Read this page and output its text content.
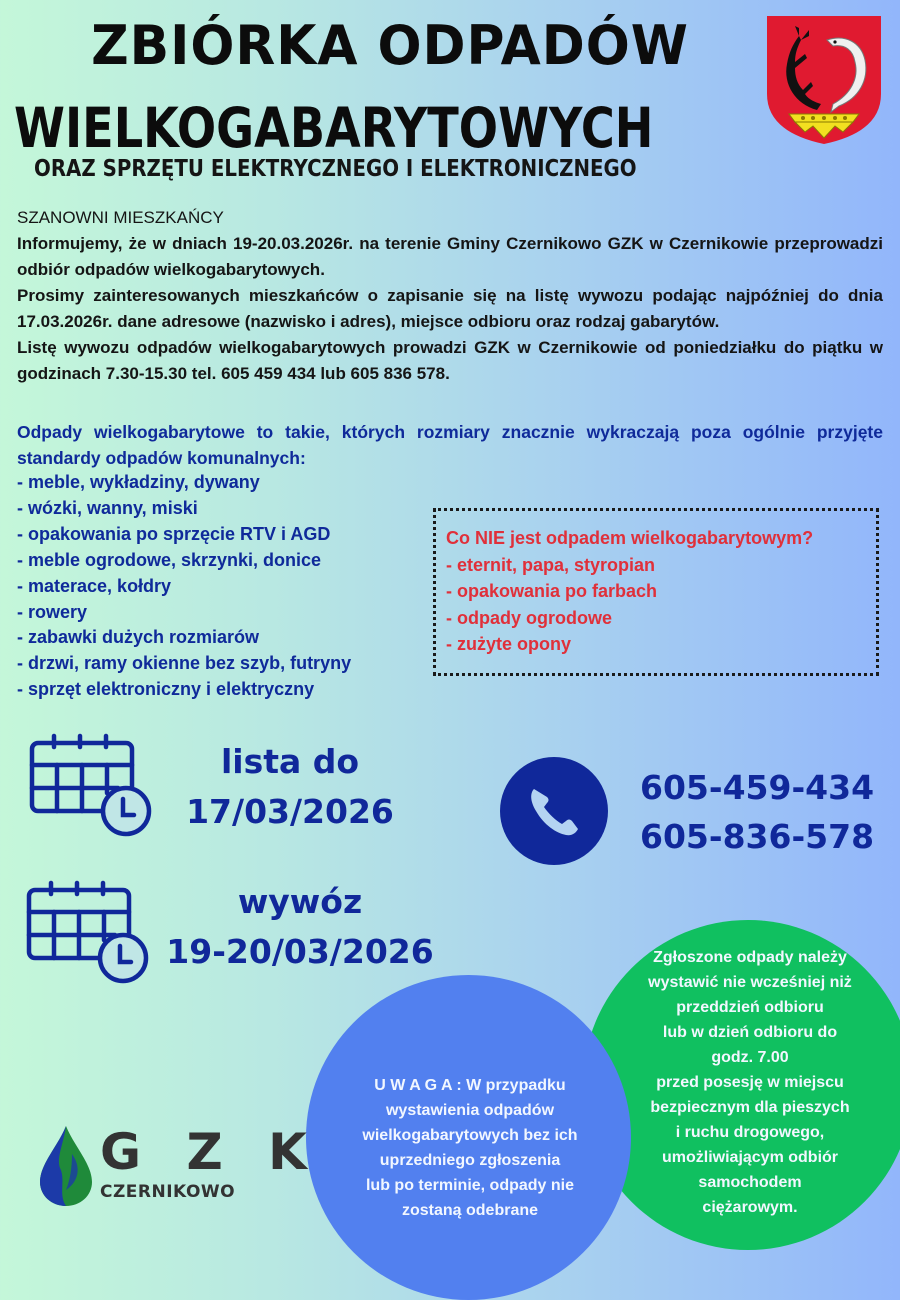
ZBIÓRKA ODPADÓW
WIELKOGABARYTOWYCH
ORAZ SPRZĘTU ELEKTRYCZNEGO I ELEKTRONICZNEGO

SZANOWNI MIESZKAŃCY

Informujemy, że w dniach 19-20.03.2026r. na terenie Gminy Czernikowo GZK w Czernikowie przeprowadzi odbiór odpadów wielkogabarytowych.

Prosimy zainteresowanych mieszkańców o zapisanie się na listę wywozu podając najpóźniej do dnia 17.03.2026r. dane adresowe (nazwisko i adres), miejsce odbioru oraz rodzaj gabarytów.

Listę wywozu odpadów wielkogabarytowych prowadzi GZK w Czernikowie od poniedziałku do piątku w godzinach 7.30-15.30 tel. 605 459 434 lub 605 836 578.

Odpady wielkogabarytowe to takie, których rozmiary znacznie wykraczają poza ogólnie przyjęte standardy odpadów komunalnych:
- meble, wykładziny, dywany
- wózki, wanny, miski
- opakowania po sprzęcie RTV i AGD
- meble ogrodowe, skrzynki, donice
- materace, kołdry
- rowery
- zabawki dużych rozmiarów
- drzwi, ramy okienne bez szyb, futryny
- sprzęt elektroniczny i elektryczny
Co NIE jest odpadem wielkogabarytowym?
- eternit, papa, styropian
- opakowania po farbach
- odpady ogrodowe
- zużyte opony
lista do
17/03/2026
wywóz
19-20/03/2026
605-459-434
605-836-578
Zgłoszone odpady należy
wystawić nie wcześniej niż
przeddzień odbioru
lub w dzień odbioru do
godz. 7.00
przed posesję w miejscu
bezpiecznym dla pieszych
i ruchu drogowego,
umożliwiającym odbiór
samochodem
ciężarowym.
U W A G A : W przypadku
wystawienia odpadów
wielkogabarytowych bez ich
uprzedniego zgłoszenia
lub po terminie, odpady nie
zostaną odebrane
G Z K
CZERNIKOWO
